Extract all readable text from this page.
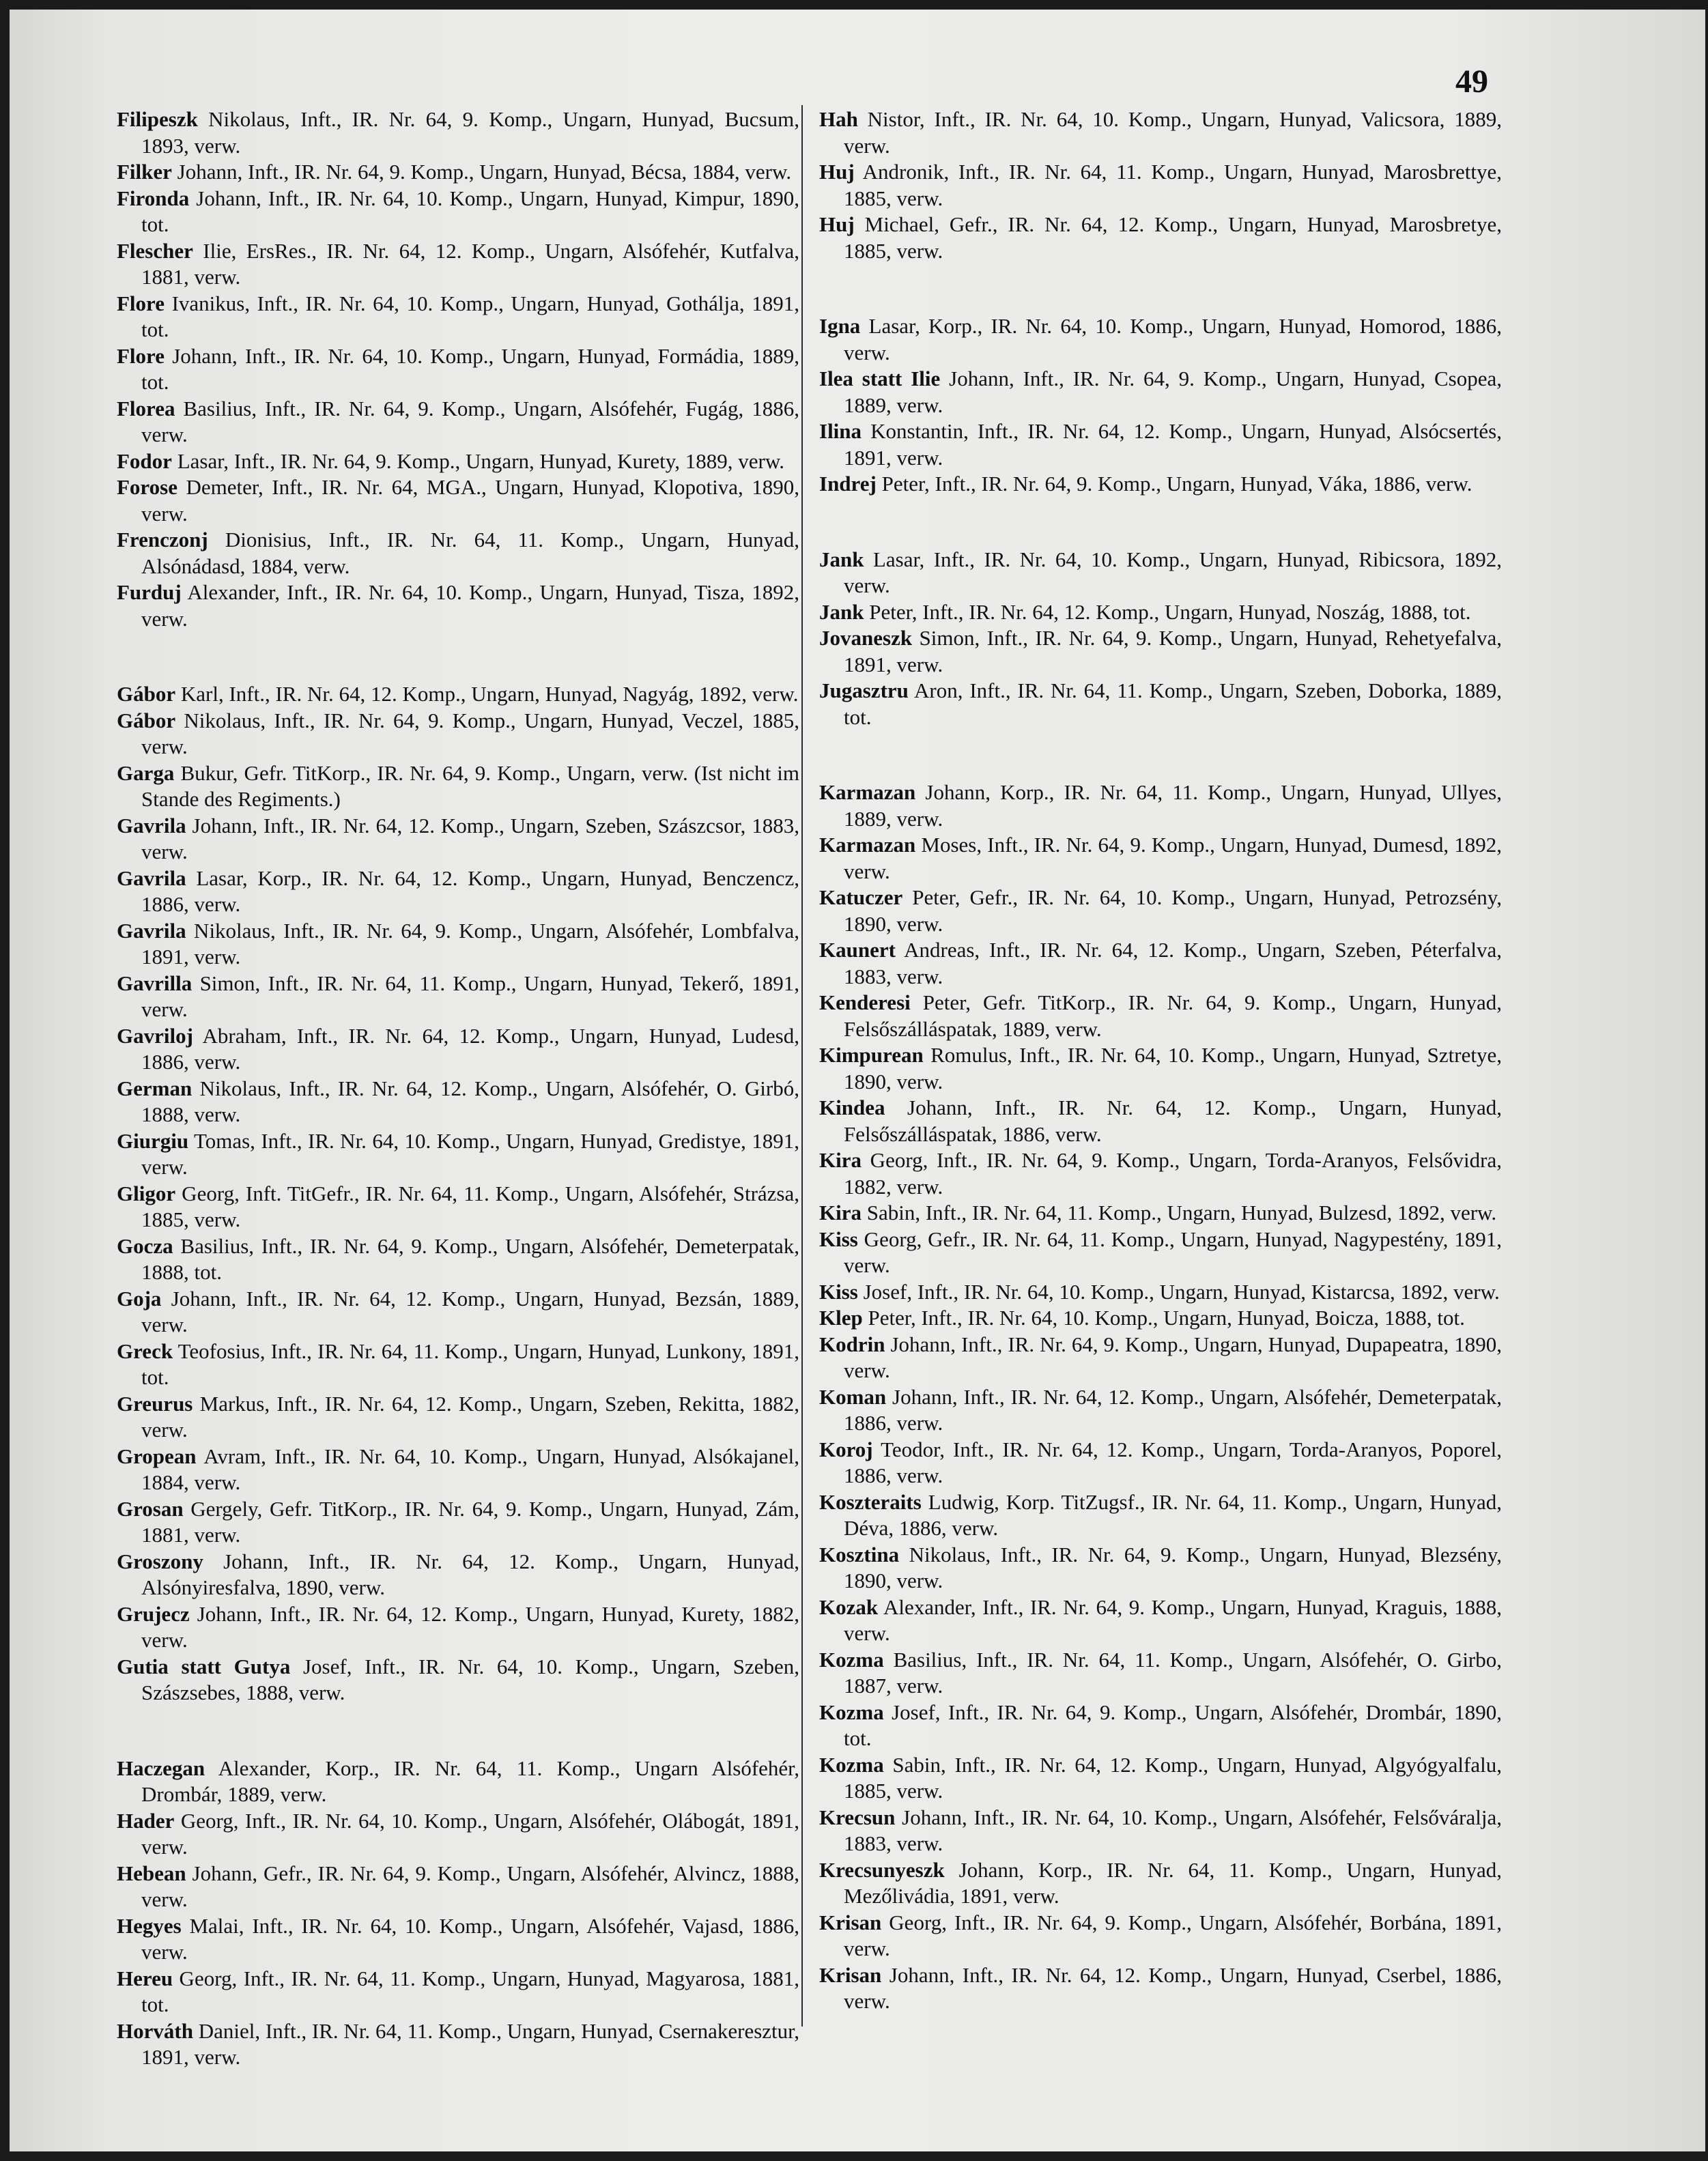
49
Filipeszk Nikolaus, Inft., IR. Nr. 64, 9. Komp., Ungarn, Hunyad, Bucsum, 1893, verw.
Filker Johann, Inft., IR. Nr. 64, 9. Komp., Ungarn, Hunyad, Bécsa, 1884, verw.
Fironda Johann, Inft., IR. Nr. 64, 10. Komp., Ungarn, Hunyad, Kimpur, 1890, tot.
Flescher Ilie, ErsRes., IR. Nr. 64, 12. Komp., Ungarn, Alsófehér, Kutfalva, 1881, verw.
Flore Ivanikus, Inft., IR. Nr. 64, 10. Komp., Ungarn, Hunyad, Gothálja, 1891, tot.
Flore Johann, Inft., IR. Nr. 64, 10. Komp., Ungarn, Hunyad, Formádia, 1889, tot.
Florea Basilius, Inft., IR. Nr. 64, 9. Komp., Ungarn, Alsófehér, Fugág, 1886, verw.
Fodor Lasar, Inft., IR. Nr. 64, 9. Komp., Ungarn, Hunyad, Kurety, 1889, verw.
Forose Demeter, Inft., IR. Nr. 64, MGA., Ungarn, Hunyad, Klopotiva, 1890, verw.
Frenczonj Dionisius, Inft., IR. Nr. 64, 11. Komp., Ungarn, Hunyad, Alsónádasd, 1884, verw.
Furduj Alexander, Inft., IR. Nr. 64, 10. Komp., Ungarn, Hunyad, Tisza, 1892, verw.
Gábor Karl, Inft., IR. Nr. 64, 12. Komp., Ungarn, Hunyad, Nagyág, 1892, verw.
Gábor Nikolaus, Inft., IR. Nr. 64, 9. Komp., Ungarn, Hunyad, Veczel, 1885, verw.
Garga Bukur, Gefr. TitKorp., IR. Nr. 64, 9. Komp., Ungarn, verw. (Ist nicht im Stande des Regiments.)
Gavrila Johann, Inft., IR. Nr. 64, 12. Komp., Ungarn, Szeben, Szászcsor, 1883, verw.
Gavrila Lasar, Korp., IR. Nr. 64, 12. Komp., Ungarn, Hunyad, Benczencz, 1886, verw.
Gavrila Nikolaus, Inft., IR. Nr. 64, 9. Komp., Ungarn, Alsófehér, Lombfalva, 1891, verw.
Gavrilla Simon, Inft., IR. Nr. 64, 11. Komp., Ungarn, Hunyad, Tekerő, 1891, verw.
Gavriloj Abraham, Inft., IR. Nr. 64, 12. Komp., Ungarn, Hunyad, Ludesd, 1886, verw.
German Nikolaus, Inft., IR. Nr. 64, 12. Komp., Ungarn, Alsófehér, O. Girbó, 1888, verw.
Giurgiu Tomas, Inft., IR. Nr. 64, 10. Komp., Ungarn, Hunyad, Gredistye, 1891, verw.
Gligor Georg, Inft. TitGefr., IR. Nr. 64, 11. Komp., Ungarn, Alsófehér, Strázsa, 1885, verw.
Gocza Basilius, Inft., IR. Nr. 64, 9. Komp., Ungarn, Alsófehér, Demeterpatak, 1888, tot.
Goja Johann, Inft., IR. Nr. 64, 12. Komp., Ungarn, Hunyad, Bezsán, 1889, verw.
Greck Teofosius, Inft., IR. Nr. 64, 11. Komp., Ungarn, Hunyad, Lunkony, 1891, tot.
Greurus Markus, Inft., IR. Nr. 64, 12. Komp., Ungarn, Szeben, Rekitta, 1882, verw.
Gropean Avram, Inft., IR. Nr. 64, 10. Komp., Ungarn, Hunyad, Alsókajanel, 1884, verw.
Grosan Gergely, Gefr. TitKorp., IR. Nr. 64, 9. Komp., Ungarn, Hunyad, Zám, 1881, verw.
Groszony Johann, Inft., IR. Nr. 64, 12. Komp., Ungarn, Hunyad, Alsónyiresfalva, 1890, verw.
Grujecz Johann, Inft., IR. Nr. 64, 12. Komp., Ungarn, Hunyad, Kurety, 1882, verw.
Gutia statt Gutya Josef, Inft., IR. Nr. 64, 10. Komp., Ungarn, Szeben, Szászsebes, 1888, verw.
Haczegan Alexander, Korp., IR. Nr. 64, 11. Komp., Ungarn Alsófehér, Drombár, 1889, verw.
Hader Georg, Inft., IR. Nr. 64, 10. Komp., Ungarn, Alsófehér, Olábogát, 1891, verw.
Hebean Johann, Gefr., IR. Nr. 64, 9. Komp., Ungarn, Alsófehér, Alvincz, 1888, verw.
Hegyes Malai, Inft., IR. Nr. 64, 10. Komp., Ungarn, Alsófehér, Vajasd, 1886, verw.
Hereu Georg, Inft., IR. Nr. 64, 11. Komp., Ungarn, Hunyad, Magyarosa, 1881, tot.
Horváth Daniel, Inft., IR. Nr. 64, 11. Komp., Ungarn, Hunyad, Csernakeresztur, 1891, verw.
Hah Nistor, Inft., IR. Nr. 64, 10. Komp., Ungarn, Hunyad, Valicsora, 1889, verw.
Huj Andronik, Inft., IR. Nr. 64, 11. Komp., Ungarn, Hunyad, Marosbrettye, 1885, verw.
Huj Michael, Gefr., IR. Nr. 64, 12. Komp., Ungarn, Hunyad, Marosbretye, 1885, verw.
Igna Lasar, Korp., IR. Nr. 64, 10. Komp., Ungarn, Hunyad, Homorod, 1886, verw.
Ilea statt Ilie Johann, Inft., IR. Nr. 64, 9. Komp., Ungarn, Hunyad, Csopea, 1889, verw.
Ilina Konstantin, Inft., IR. Nr. 64, 12. Komp., Ungarn, Hunyad, Alsócsertés, 1891, verw.
Indrej Peter, Inft., IR. Nr. 64, 9. Komp., Ungarn, Hunyad, Váka, 1886, verw.
Jank Lasar, Inft., IR. Nr. 64, 10. Komp., Ungarn, Hunyad, Ribicsora, 1892, verw.
Jank Peter, Inft., IR. Nr. 64, 12. Komp., Ungarn, Hunyad, Noszág, 1888, tot.
Jovaneszk Simon, Inft., IR. Nr. 64, 9. Komp., Ungarn, Hunyad, Rehetyefalva, 1891, verw.
Jugasztru Aron, Inft., IR. Nr. 64, 11. Komp., Ungarn, Szeben, Doborka, 1889, tot.
Karmazan Johann, Korp., IR. Nr. 64, 11. Komp., Ungarn, Hunyad, Ullyes, 1889, verw.
Karmazan Moses, Inft., IR. Nr. 64, 9. Komp., Ungarn, Hunyad, Dumesd, 1892, verw.
Katuczer Peter, Gefr., IR. Nr. 64, 10. Komp., Ungarn, Hunyad, Petrozsény, 1890, verw.
Kaunert Andreas, Inft., IR. Nr. 64, 12. Komp., Ungarn, Szeben, Péterfalva, 1883, verw.
Kenderesi Peter, Gefr. TitKorp., IR. Nr. 64, 9. Komp., Ungarn, Hunyad, Felsőszálláspatak, 1889, verw.
Kimpurean Romulus, Inft., IR. Nr. 64, 10. Komp., Ungarn, Hunyad, Sztretye, 1890, verw.
Kindea Johann, Inft., IR. Nr. 64, 12. Komp., Ungarn, Hunyad, Felsőszálláspatak, 1886, verw.
Kira Georg, Inft., IR. Nr. 64, 9. Komp., Ungarn, Torda-Aranyos, Felsővidra, 1882, verw.
Kira Sabin, Inft., IR. Nr. 64, 11. Komp., Ungarn, Hunyad, Bulzesd, 1892, verw.
Kiss Georg, Gefr., IR. Nr. 64, 11. Komp., Ungarn, Hunyad, Nagypestény, 1891, verw.
Kiss Josef, Inft., IR. Nr. 64, 10. Komp., Ungarn, Hunyad, Kistarcsa, 1892, verw.
Klep Peter, Inft., IR. Nr. 64, 10. Komp., Ungarn, Hunyad, Boicza, 1888, tot.
Kodrin Johann, Inft., IR. Nr. 64, 9. Komp., Ungarn, Hunyad, Dupapeatra, 1890, verw.
Koman Johann, Inft., IR. Nr. 64, 12. Komp., Ungarn, Alsófehér, Demeterpatak, 1886, verw.
Koroj Teodor, Inft., IR. Nr. 64, 12. Komp., Ungarn, Torda-Aranyos, Poporel, 1886, verw.
Koszteraits Ludwig, Korp. TitZugsf., IR. Nr. 64, 11. Komp., Ungarn, Hunyad, Déva, 1886, verw.
Kosztina Nikolaus, Inft., IR. Nr. 64, 9. Komp., Ungarn, Hunyad, Blezsény, 1890, verw.
Kozak Alexander, Inft., IR. Nr. 64, 9. Komp., Ungarn, Hunyad, Kraguis, 1888, verw.
Kozma Basilius, Inft., IR. Nr. 64, 11. Komp., Ungarn, Alsófehér, O. Girbo, 1887, verw.
Kozma Josef, Inft., IR. Nr. 64, 9. Komp., Ungarn, Alsófehér, Drombár, 1890, tot.
Kozma Sabin, Inft., IR. Nr. 64, 12. Komp., Ungarn, Hunyad, Algyógyalfalu, 1885, verw.
Krecsun Johann, Inft., IR. Nr. 64, 10. Komp., Ungarn, Alsófehér, Felsőváralja, 1883, verw.
Krecsunyeszk Johann, Korp., IR. Nr. 64, 11. Komp., Ungarn, Hunyad, Mezőlivádia, 1891, verw.
Krisan Georg, Inft., IR. Nr. 64, 9. Komp., Ungarn, Alsófehér, Borbána, 1891, verw.
Krisan Johann, Inft., IR. Nr. 64, 12. Komp., Ungarn, Hunyad, Cserbel, 1886, verw.
